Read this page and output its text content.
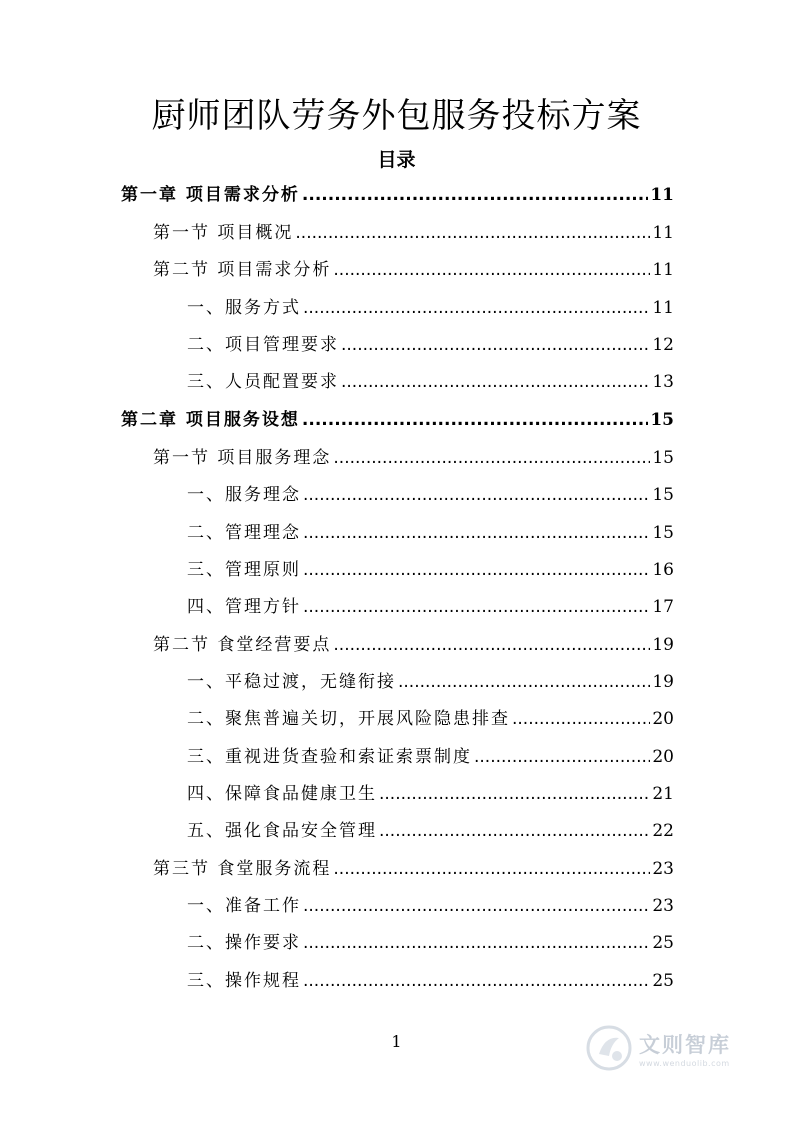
厨师团队劳务外包服务投标方案
目录
第一章 项目需求分析 .....	11
第一节 项目概况 .....	11
第二节 项目需求分析 .....	11
一、服务方式 .....	11
二、项目管理要求 .....	12
三、人员配置要求 .....	13
第二章 项目服务设想 .....	15
第一节 项目服务理念 .....	15
一、服务理念 .....	15
二、管理理念 .....	15
三、管理原则 .....	16
四、管理方针 .....	17
第二节 食堂经营要点 .....	19
一、平稳过渡，无缝衔接 .....	19
二、聚焦普遍关切，开展风险隐患排查 .....	20
三、重视进货查验和索证索票制度 .....	20
四、保障食品健康卫生 .....	21
五、强化食品安全管理 .....	22
第三节 食堂服务流程 .....	23
一、准备工作 .....	23
二、操作要求 .....	25
三、操作规程 .....	25
1	文则智库
www.wenduolib.com
